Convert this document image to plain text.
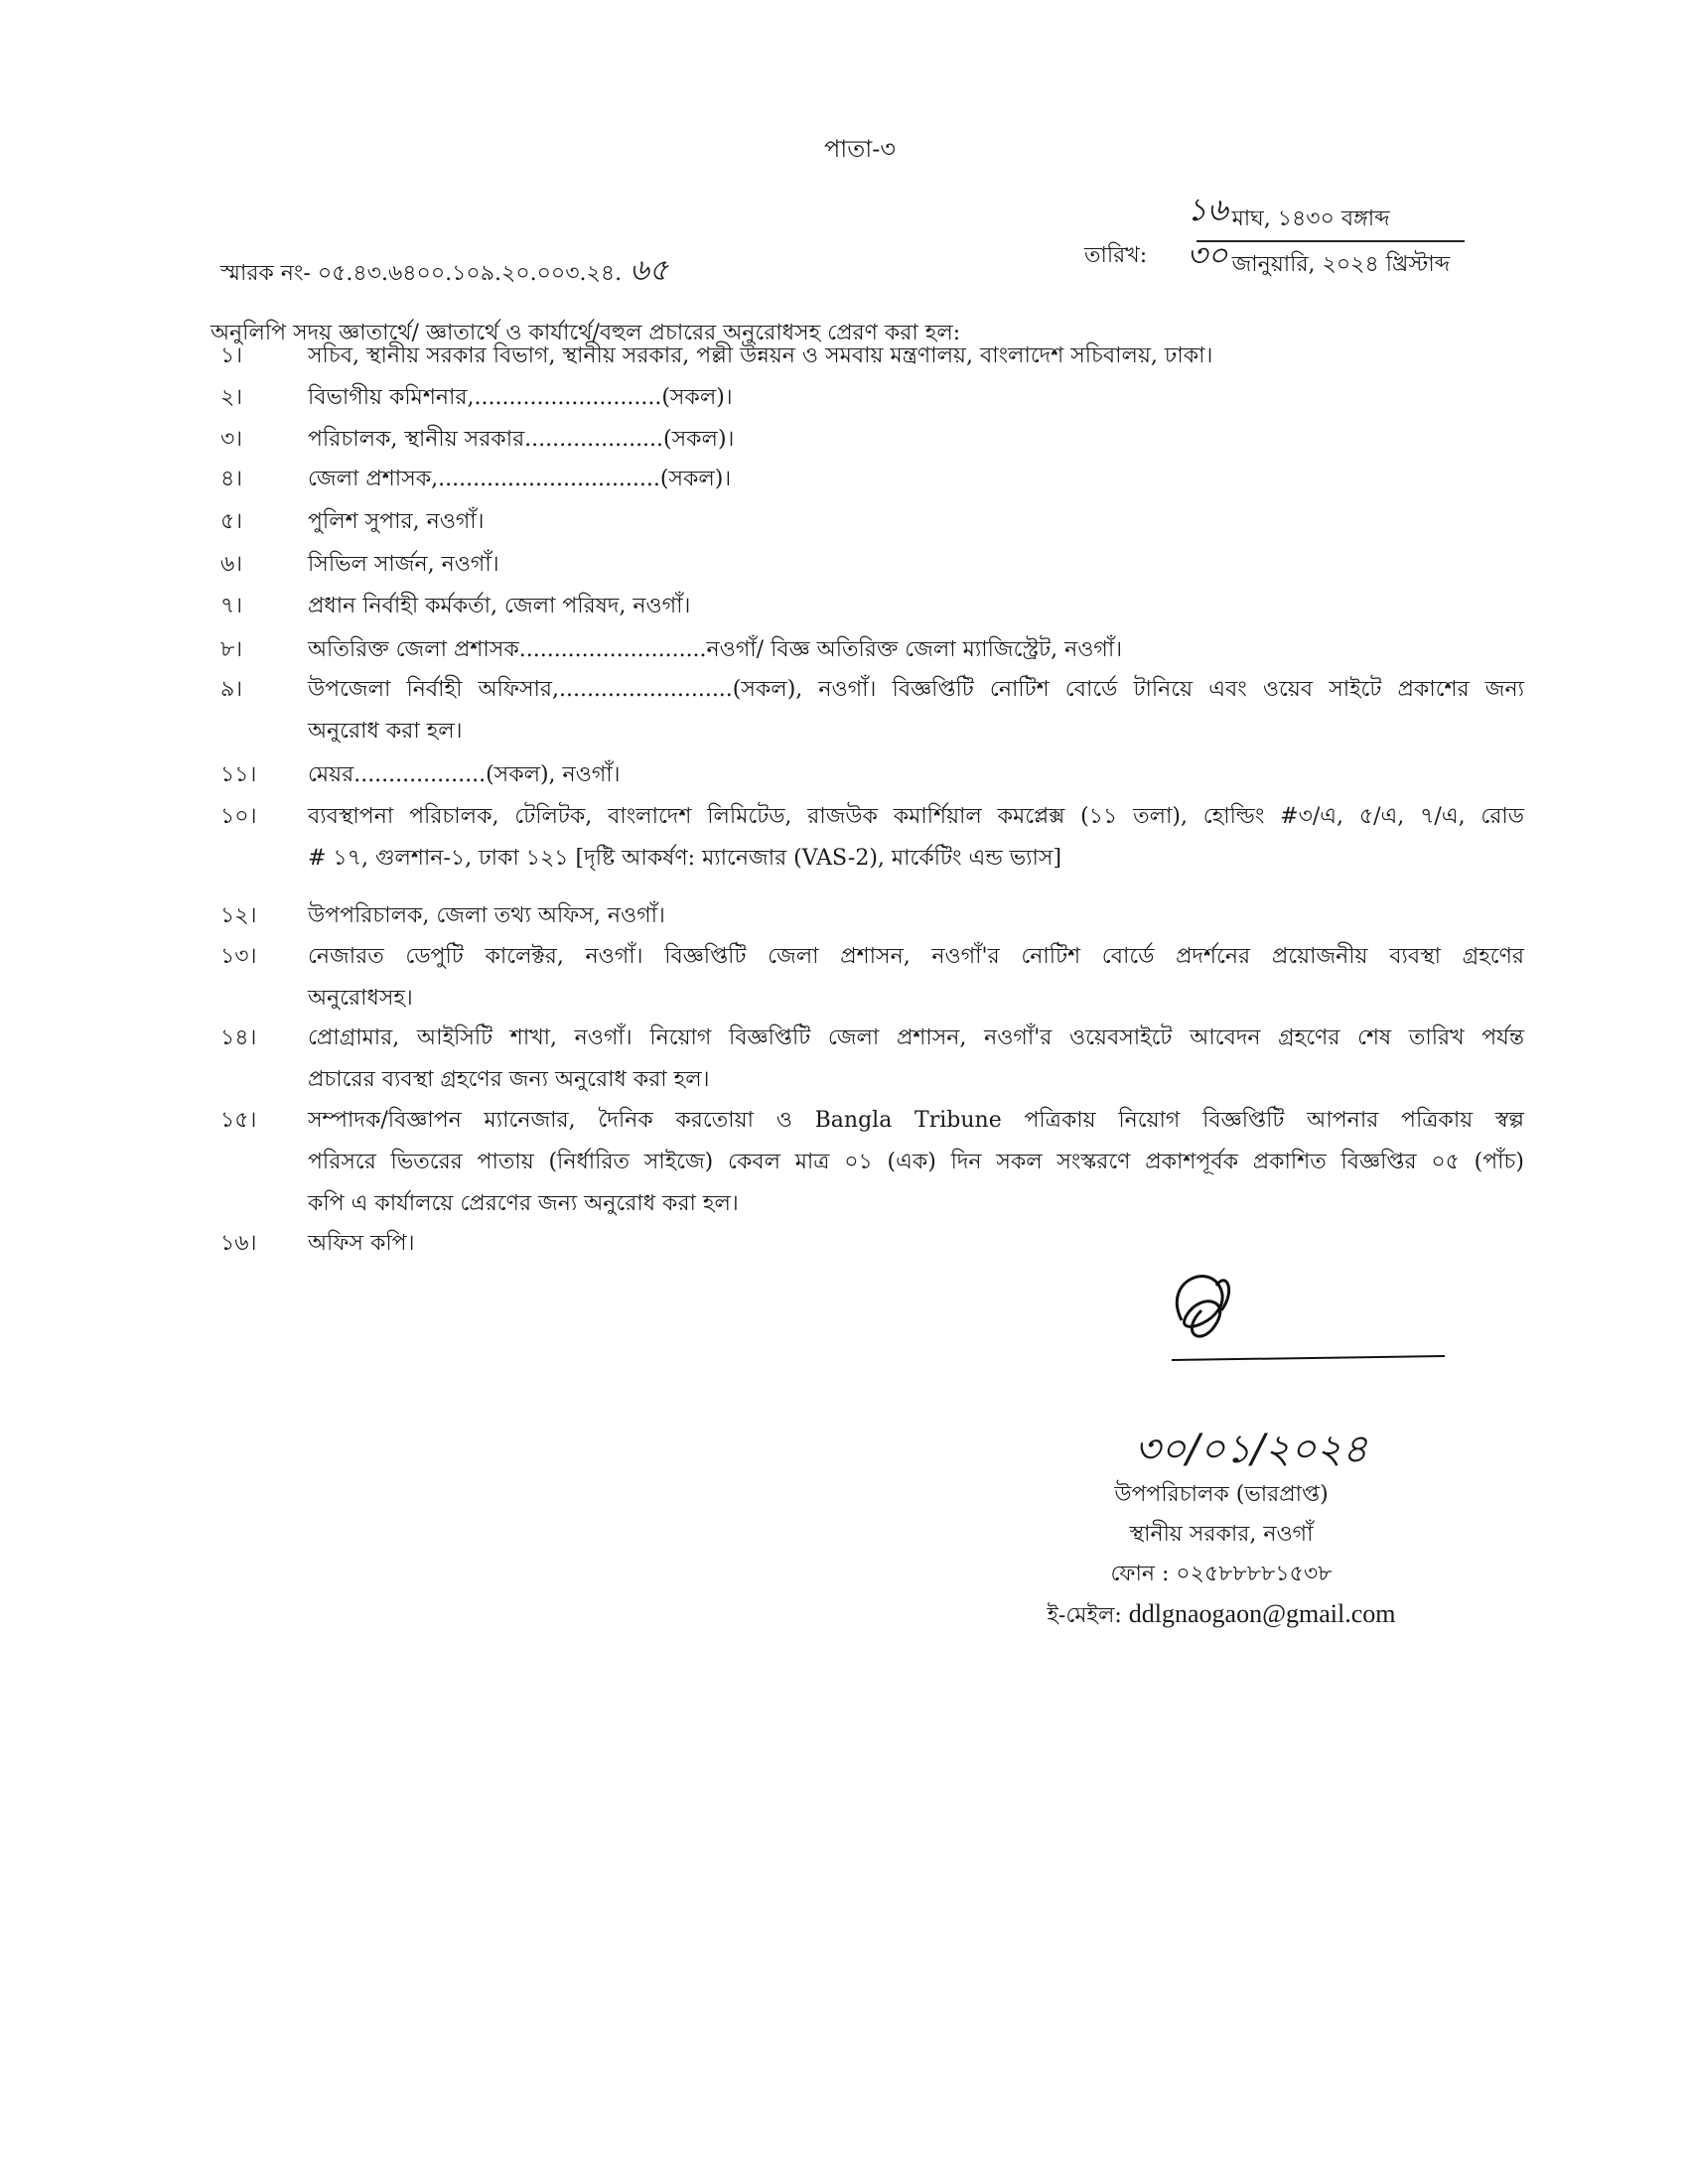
পাতা-৩
স্মারক নং- ০৫.৪৩.৬৪০০.১০৯.২০.০০৩.২৪. ৬৫	তারিখ:
১৬ মাঘ, ১৪৩০ বঙ্গাব্দ
৩০ জানুয়ারি, ২০২৪ খ্রিস্টাব্দ
অনুলিপি সদয় জ্ঞাতার্থে/ জ্ঞাতার্থে ও কার্যার্থে/বহুল প্রচারের অনুরোধসহ প্রেরণ করা হল:
১।	সচিব, স্থানীয় সরকার বিভাগ, স্থানীয় সরকার, পল্লী উন্নয়ন ও সমবায় মন্ত্রণালয়, বাংলাদেশ সচিবালয়, ঢাকা।
২।	বিভাগীয় কমিশনার,...........................(সকল)।
৩।	পরিচালক, স্থানীয় সরকার....................(সকল)।
৪।	জেলা প্রশাসক,................................(সকল)।
৫।	পুলিশ সুপার, নওগাঁ।
৬।	সিভিল সার্জন, নওগাঁ।
৭।	প্রধান নির্বাহী কর্মকর্তা, জেলা পরিষদ, নওগাঁ।
৮।	অতিরিক্ত জেলা প্রশাসক...........................নওগাঁ/ বিজ্ঞ অতিরিক্ত জেলা ম্যাজিস্ট্রেট, নওগাঁ।
৯।	উপজেলা নির্বাহী অফিসার,.........................(সকল), নওগাঁ। বিজ্ঞপ্তিটি নোটিশ বোর্ডে টানিয়ে এবং ওয়েব সাইটে প্রকাশের জন্য
অনুরোধ করা হল।
১১।	মেয়র...................(সকল), নওগাঁ।
১০।	ব্যবস্থাপনা পরিচালক, টেলিটক, বাংলাদেশ লিমিটেড, রাজউক কমার্শিয়াল কমপ্লেক্স (১১ তলা), হোল্ডিং #৩/এ, ৫/এ, ৭/এ, রোড
# ১৭, গুলশান-১, ঢাকা ১২১ [দৃষ্টি আকর্ষণ: ম্যানেজার (VAS-2), মার্কেটিং এন্ড ভ্যাস]
১২।	উপপরিচালক, জেলা তথ্য অফিস, নওগাঁ।
১৩।	নেজারত ডেপুটি কালেক্টর, নওগাঁ। বিজ্ঞপ্তিটি জেলা প্রশাসন, নওগাঁ'র নোটিশ বোর্ডে প্রদর্শনের প্রয়োজনীয় ব্যবস্থা গ্রহণের
অনুরোধসহ।
১৪।	প্রোগ্রামার, আইসিটি শাখা, নওগাঁ। নিয়োগ বিজ্ঞপ্তিটি জেলা প্রশাসন, নওগাঁ'র ওয়েবসাইটে আবেদন গ্রহণের শেষ তারিখ পর্যন্ত
প্রচারের ব্যবস্থা গ্রহণের জন্য অনুরোধ করা হল।
১৫।	সম্পাদক/বিজ্ঞাপন ম্যানেজার, দৈনিক করতোয়া ও Bangla Tribune পত্রিকায় নিয়োগ বিজ্ঞপ্তিটি আপনার পত্রিকায় স্বল্প
পরিসরে ভিতরের পাতায় (নির্ধারিত সাইজে) কেবল মাত্র ০১ (এক) দিন সকল সংস্করণে প্রকাশপূর্বক প্রকাশিত বিজ্ঞপ্তির ০৫ (পাঁচ)
কপি এ কার্যালয়ে প্রেরণের জন্য অনুরোধ করা হল।
১৬।	অফিস কপি।
৩০/০১/২০২৪
উপপরিচালক (ভারপ্রাপ্ত)
স্থানীয় সরকার, নওগাঁ
ফোন : ০২৫৮৮৮৮১৫৩৮
ই-মেইল: ddlgnaogaon@gmail.com
